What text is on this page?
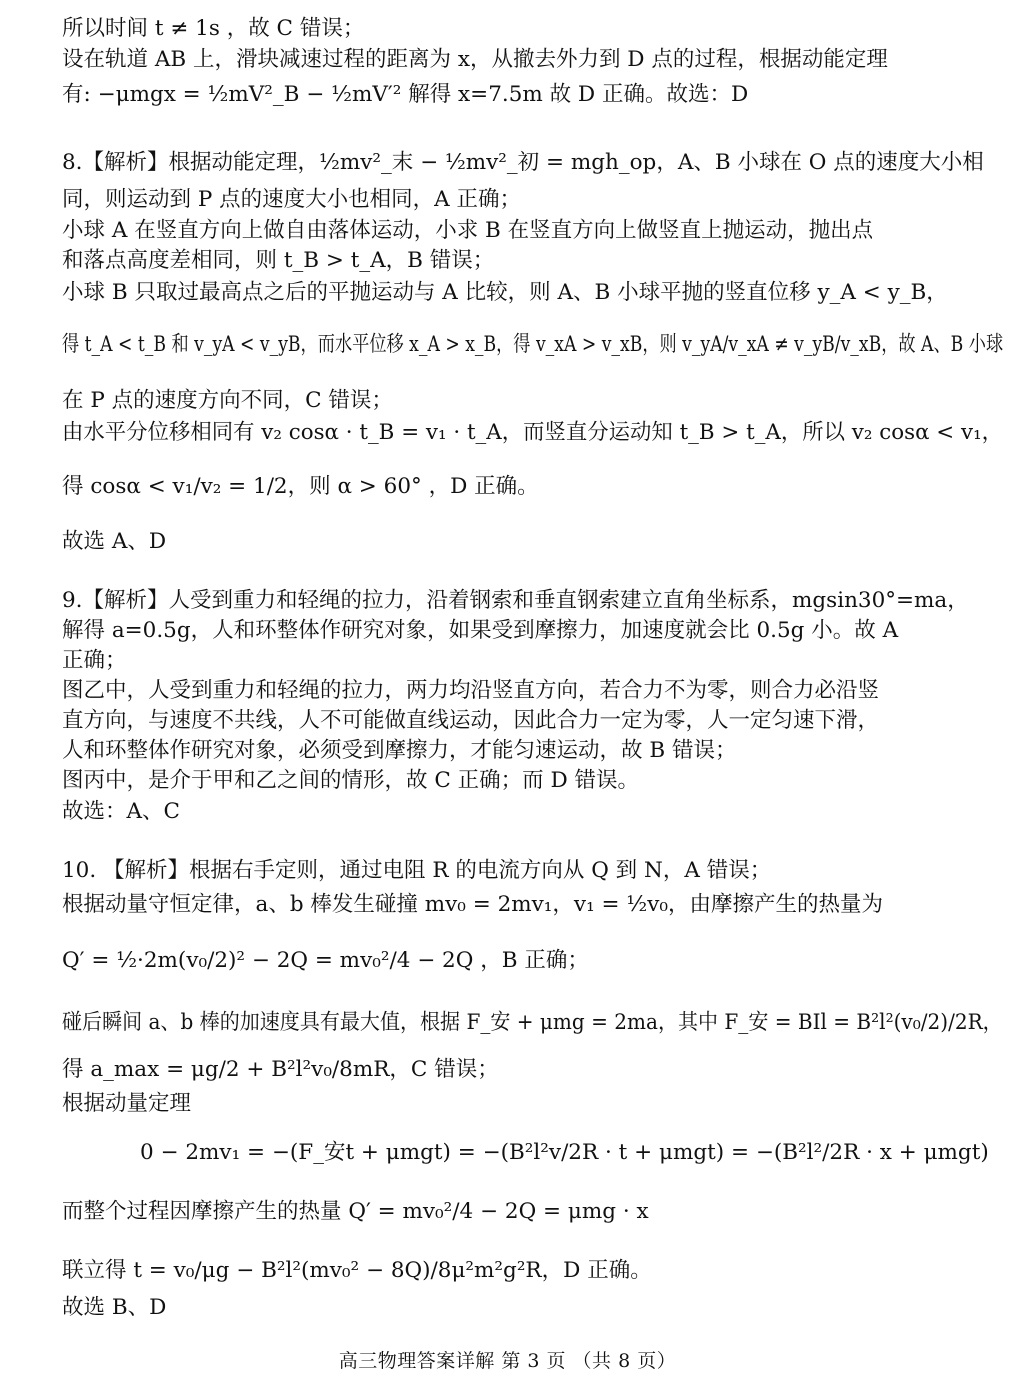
所以时间 t ≠ 1s ，故 C 错误；
设在轨道 AB 上，滑块减速过程的距离为 x，从撤去外力到 D 点的过程，根据动能定理
有: −μmgx = ½mV²_B − ½mV′² 解得 x=7.5m 故 D 正确。故选：D
8.【解析】根据动能定理，½mv²_末 − ½mv²_初 = mgh_op，A、B 小球在 O 点的速度大小相
同，则运动到 P 点的速度大小也相同，A 正确；
小球 A 在竖直方向上做自由落体运动，小求 B 在竖直方向上做竖直上抛运动，抛出点
和落点高度差相同，则 t_B > t_A，B 错误；
小球 B 只取过最高点之后的平抛运动与 A 比较，则 A、B 小球平抛的竖直位移 y_A < y_B，
得 t_A < t_B 和 v_yA < v_yB，而水平位移 x_A > x_B，得 v_xA > v_xB，则 v_yA/v_xA ≠ v_yB/v_xB，故 A、B 小球
在 P 点的速度方向不同，C 错误；
由水平分位移相同有 v₂ cosα · t_B = v₁ · t_A，而竖直分运动知 t_B > t_A，所以 v₂ cosα < v₁，
得 cosα < v₁/v₂ = 1/2，则 α > 60° ，D 正确。
故选 A、D
9.【解析】人受到重力和轻绳的拉力，沿着钢索和垂直钢索建立直角坐标系，mgsin30°=ma，
解得 a=0.5g，人和环整体作研究对象，如果受到摩擦力，加速度就会比 0.5g 小。故 A
正确；
图乙中，人受到重力和轻绳的拉力，两力均沿竖直方向，若合力不为零，则合力必沿竖
直方向，与速度不共线，人不可能做直线运动，因此合力一定为零，人一定匀速下滑，
人和环整体作研究对象，必须受到摩擦力，才能匀速运动，故 B 错误；
图丙中，是介于甲和乙之间的情形，故 C 正确；而 D 错误。
故选：A、C
10. 【解析】根据右手定则，通过电阻 R 的电流方向从 Q 到 N，A 错误；
根据动量守恒定律，a、b 棒发生碰撞 mv₀ = 2mv₁，v₁ = ½v₀，由摩擦产生的热量为
Q′ = ½·2m(v₀/2)² − 2Q = mv₀²/4 − 2Q ，B 正确；
碰后瞬间 a、b 棒的加速度具有最大值，根据 F_安 + μmg = 2ma，其中 F_安 = BIl = B²l²(v₀/2)/2R，
得 a_max = μg/2 + B²l²v₀/8mR，C 错误；
根据动量定理
0 − 2mv₁ = −(F_安t + μmgt) = −(B²l²v/2R · t + μmgt) = −(B²l²/2R · x + μmgt)
而整个过程因摩擦产生的热量 Q′ = mv₀²/4 − 2Q = μmg · x
联立得 t = v₀/μg − B²l²(mv₀² − 8Q)/8μ²m²g²R，D 正确。
故选 B、D
高三物理答案详解 第 3 页 （共 8 页）
